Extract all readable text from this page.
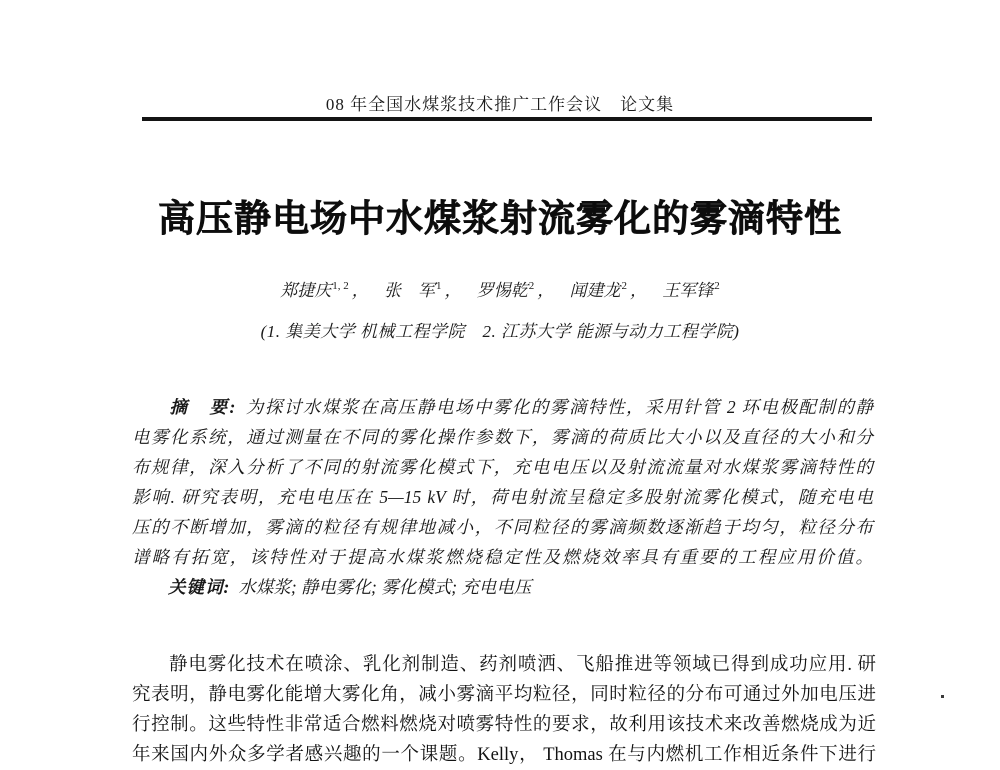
08 年全国水煤浆技术推广工作会议　论文集
高压静电场中水煤浆射流雾化的雾滴特性
郑捷庆$^{1, 2}$ ， 张　军$^1$ ， 罗惕乾$^2$ ， 闻建龙$^2$ ， 王军锋$^2$
(1. 集美大学 机械工程学院　2. 江苏大学 能源与动力工程学院)
摘　要: 为探讨水煤浆在高压静电场中雾化的雾滴特性，采用针管 2 环电极配制的静
电雾化系统，通过测量在不同的雾化操作参数下，雾滴的荷质比大小以及直径的大小和分
布规律，深入分析了不同的射流雾化模式下，充电电压以及射流流量对水煤浆雾滴特性的
影响. 研究表明，充电电压在 5—15 kV 时，荷电射流呈稳定多股射流雾化模式，随充电电
压的不断增加，雾滴的粒径有规律地减小，不同粒径的雾滴频数逐渐趋于均匀，粒径分布
谱略有拓宽，该特性对于提高水煤浆燃烧稳定性及燃烧效率具有重要的工程应用价值。
关键词: 水煤浆; 静电雾化; 雾化模式; 充电电压
静电雾化技术在喷涂、乳化剂制造、药剂喷洒、飞船推进等领域已得到成功应用. 研
究表明，静电雾化能增大雾化角，减小雾滴平均粒径，同时粒径的分布可通过外加电压进
行控制。这些特性非常适合燃料燃烧对喷雾特性的要求，故利用该技术来改善燃烧成为近
年来国内外众多学者感兴趣的一个课题。Kelly， Thomas 在与内燃机工作相近条件下进行
